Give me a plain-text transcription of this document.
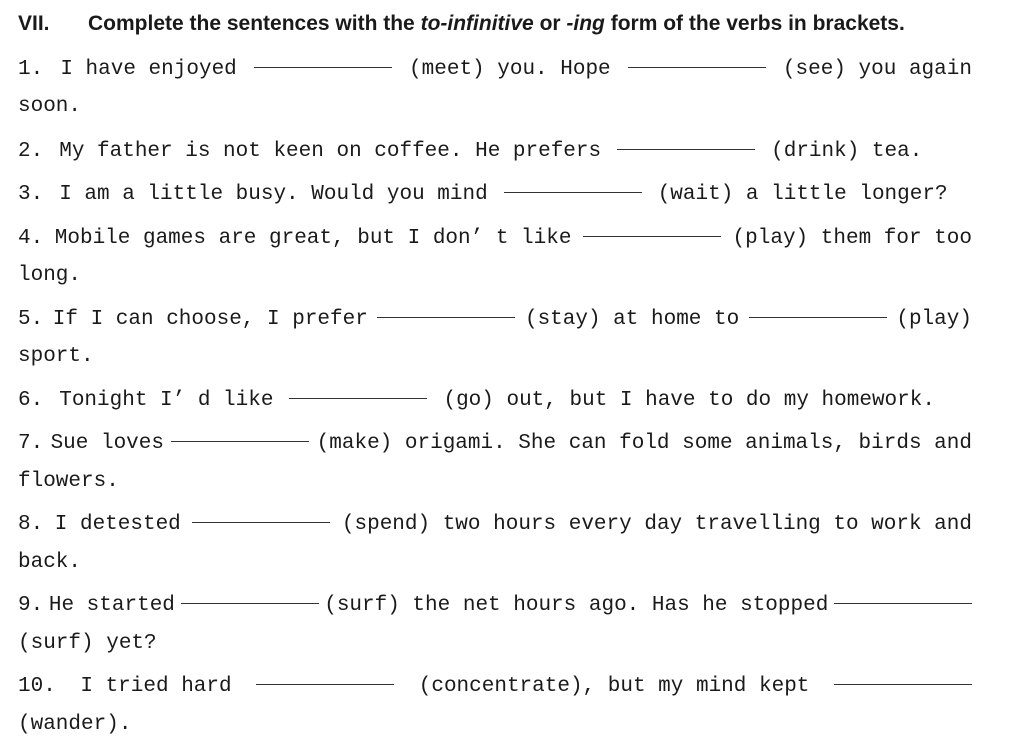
VII. Complete the sentences with the to-infinitive or -ing form of the verbs in brackets.
1. I have enjoyed	(meet) you. Hope	(see) you again
soon.
2. My father is not keen on coffee. He prefers	(drink) tea.
3. I am a little busy. Would you mind	(wait) a little longer?
4. Mobile games are great, but I don’ t like	(play) them for too
long.
5. If I can choose, I prefer	(stay) at home to	(play)
sport.
6. Tonight I’ d like	(go) out, but I have to do my homework.
7. Sue loves	(make) origami. She can fold some animals, birds and
flowers.
8. I detested	(spend) two hours every day travelling to work and
back.
9. He started	(surf) the net hours ago. Has he stopped
(surf) yet?
10. I tried hard	(concentrate), but my mind kept
(wander).
